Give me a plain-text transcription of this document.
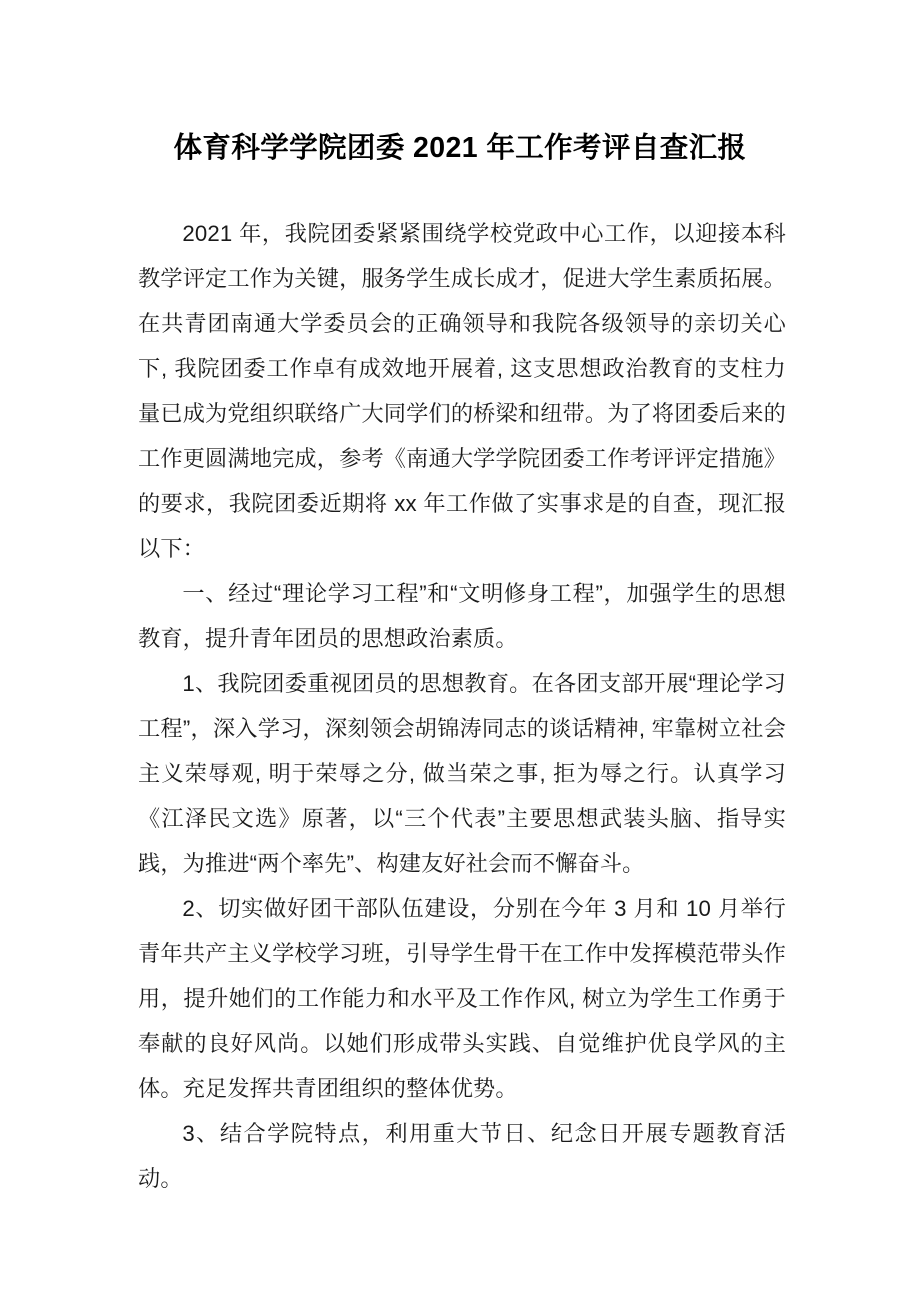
体育科学学院团委 2021 年工作考评自查汇报

2021 年，我院团委紧紧围绕学校党政中心工作，以迎接本科教学评定工作为关键，服务学生成长成才，促进大学生素质拓展。在共青团南通大学委员会的正确领导和我院各级领导的亲切关心下, 我院团委工作卓有成效地开展着, 这支思想政治教育的支柱力量已成为党组织联络广大同学们的桥梁和纽带。为了将团委后来的工作更圆满地完成，参考《南通大学学院团委工作考评评定措施》的要求，我院团委近期将 xx 年工作做了实事求是的自查，现汇报以下：

一、经过“理论学习工程”和“文明修身工程”，加强学生的思想教育，提升青年团员的思想政治素质。

1、我院团委重视团员的思想教育。在各团支部开展“理论学习工程”，深入学习，深刻领会胡锦涛同志的谈话精神, 牢靠树立社会主义荣辱观, 明于荣辱之分, 做当荣之事, 拒为辱之行。认真学习《江泽民文选》原著，以“三个代表”主要思想武装头脑、指导实践，为推进“两个率先”、构建友好社会而不懈奋斗。

2、切实做好团干部队伍建设，分别在今年 3 月和 10 月举行青年共产主义学校学习班，引导学生骨干在工作中发挥模范带头作用，提升她们的工作能力和水平及工作作风, 树立为学生工作勇于奉献的良好风尚。以她们形成带头实践、自觉维护优良学风的主体。充足发挥共青团组织的整体优势。

3、结合学院特点，利用重大节日、纪念日开展专题教育活动。
